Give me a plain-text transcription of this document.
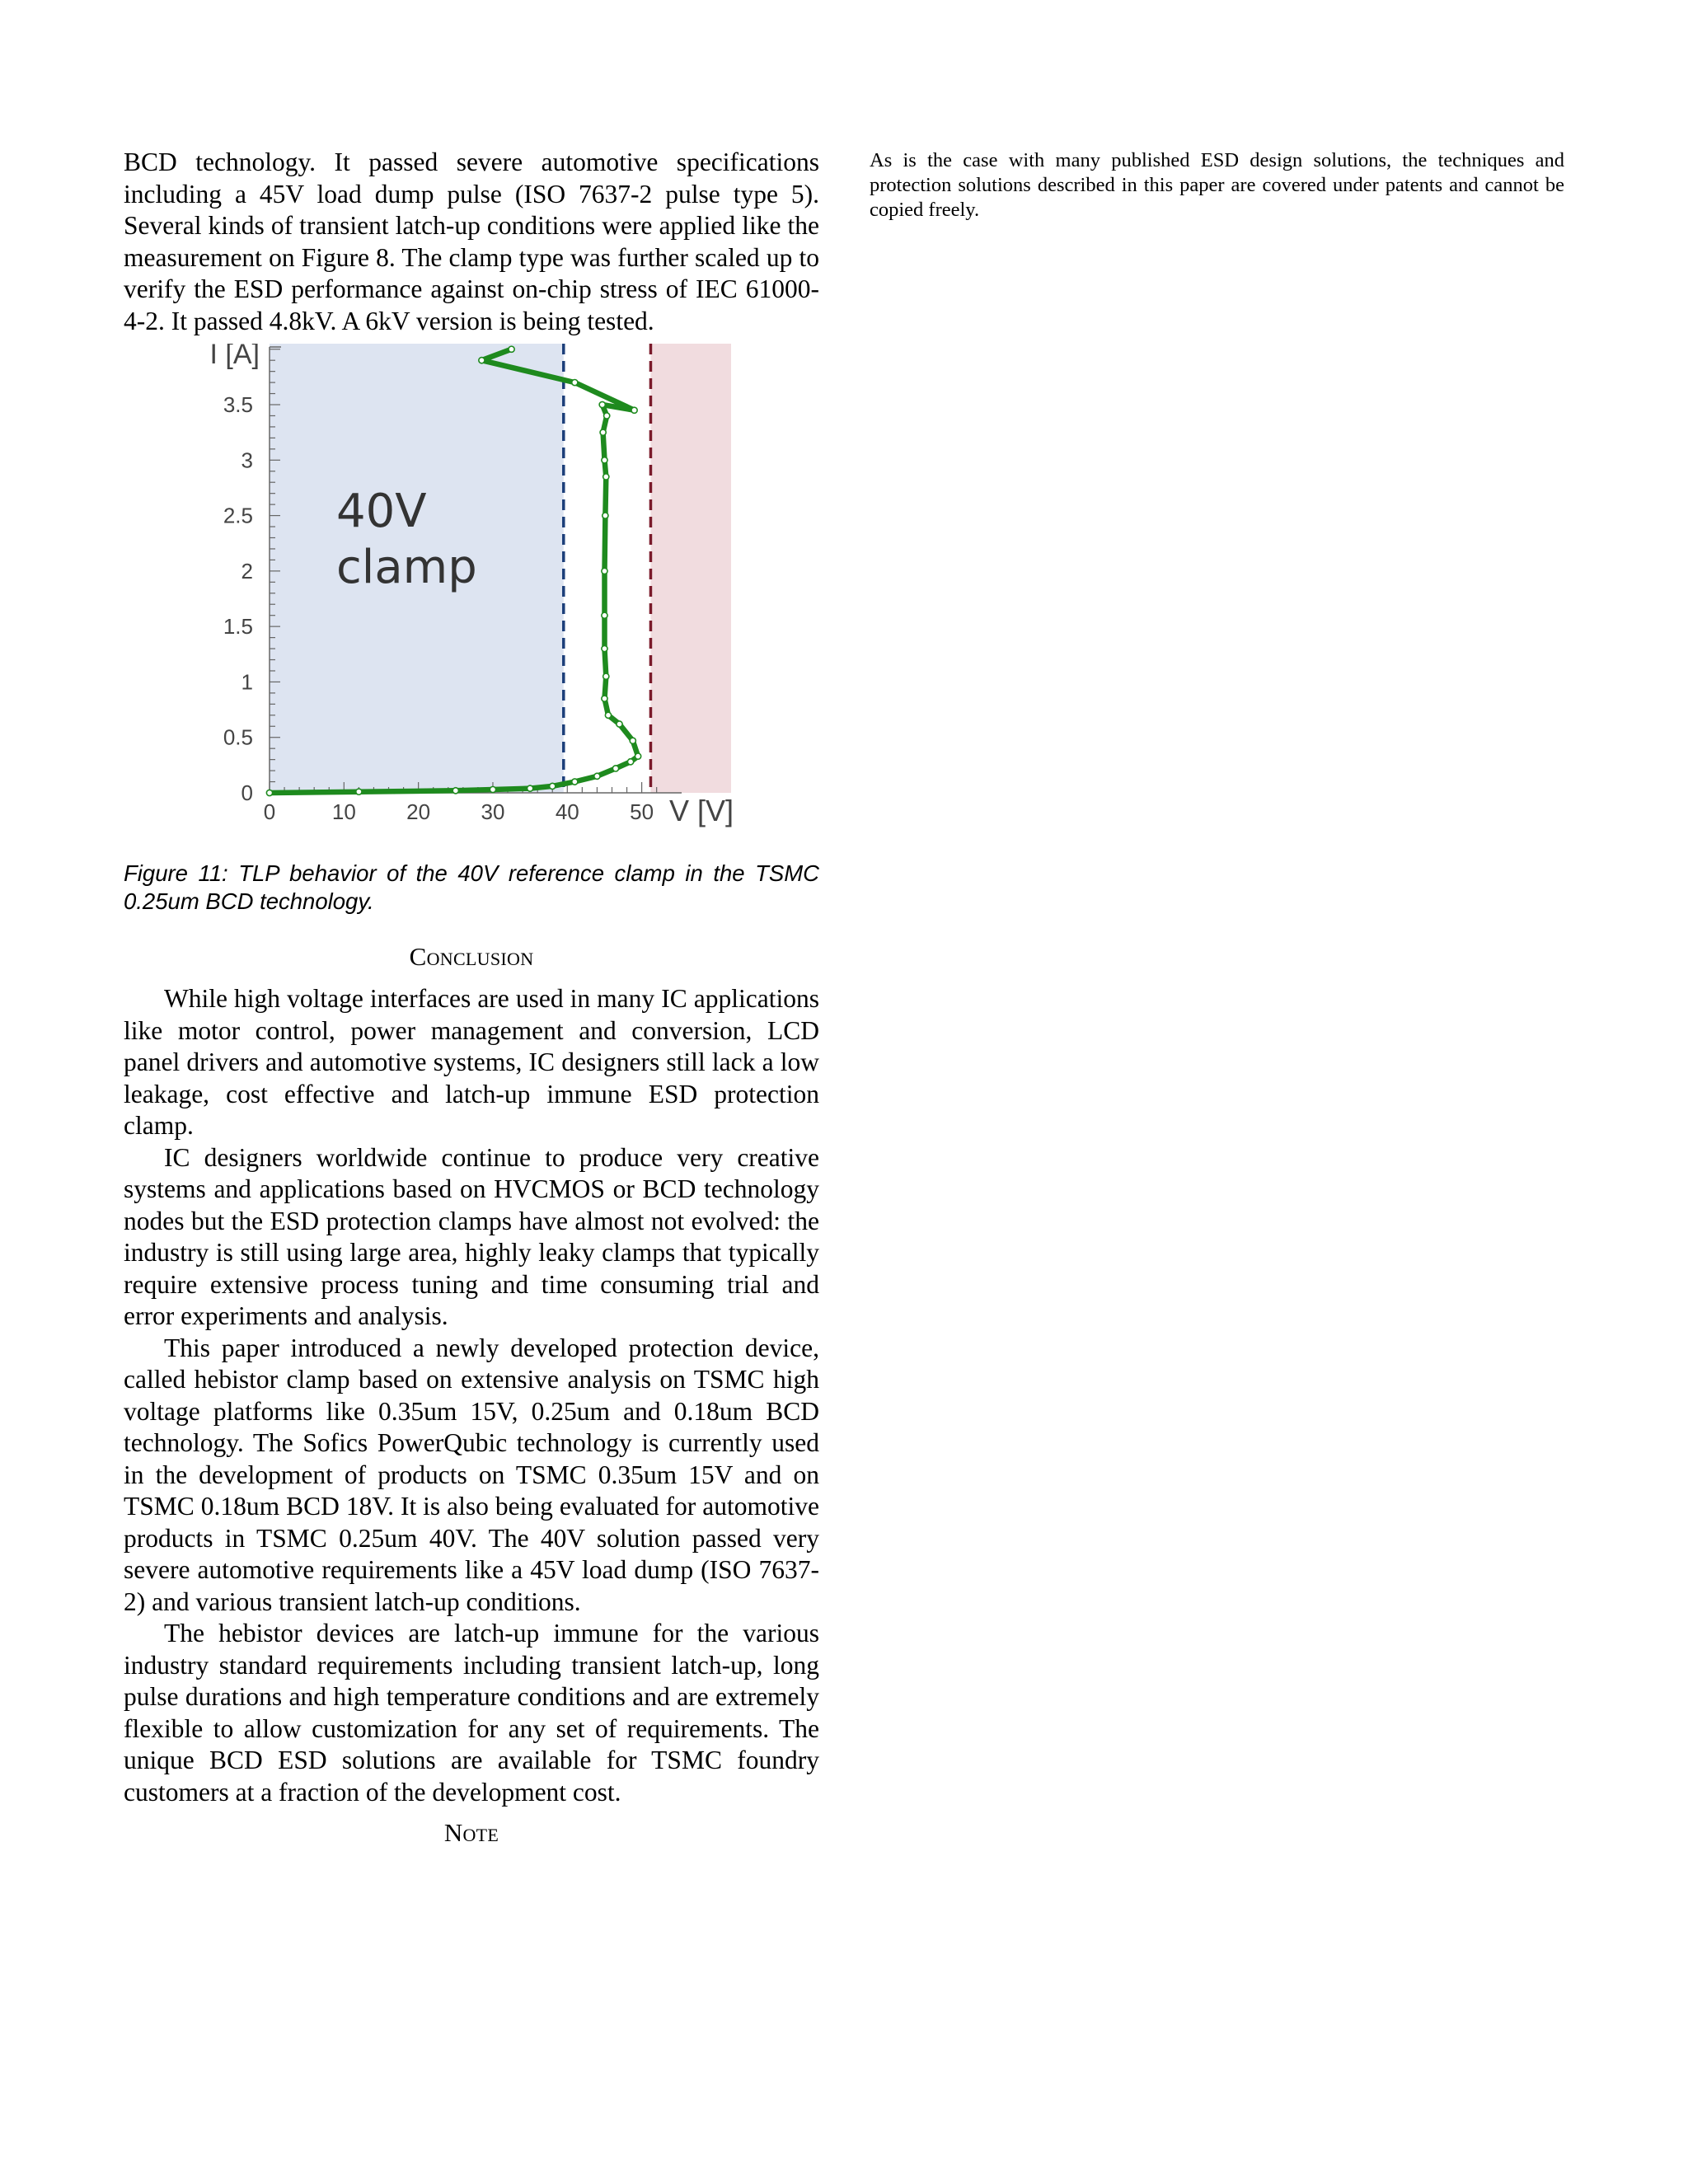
BCD technology. It passed severe automotive specifications including a 45V load dump pulse (ISO 7637-2 pulse type 5). Several kinds of transient latch-up conditions were applied like the measurement on Figure 8. The clamp type was further scaled up to verify the ESD performance against on-chip stress of IEC 61000-4-2. It passed 4.8kV. A 6kV version is being tested.

0
0.5
1
1.5
2
2.5
3
3.5
0	10 20 30 40 50
I [A]
V [V]
40V
clamp

Figure 11: TLP behavior of the 40V reference clamp in the TSMC 0.25um BCD technology.

Conclusion

While high voltage interfaces are used in many IC applications like motor control, power management and conversion, LCD panel drivers and automotive systems, IC designers still lack a low leakage, cost effective and latch-up immune ESD protection clamp.

IC designers worldwide continue to produce very creative systems and applications based on HVCMOS or BCD technology nodes but the ESD protection clamps have almost not evolved: the industry is still using large area, highly leaky clamps that typically require extensive process tuning and time consuming trial and error experiments and analysis.

This paper introduced a newly developed protection device, called hebistor clamp based on extensive analysis on TSMC high voltage platforms like 0.35um 15V, 0.25um and 0.18um BCD technology. The Sofics PowerQubic technology is currently used in the development of products on TSMC 0.35um 15V and on TSMC 0.18um BCD 18V. It is also being evaluated for automotive products in TSMC 0.25um 40V. The 40V solution passed very severe automotive requirements like a 45V load dump (ISO 7637-2) and various transient latch-up conditions.

The hebistor devices are latch-up immune for the various industry standard requirements including transient latch-up, long pulse durations and high temperature conditions and are extremely flexible to allow customization for any set of requirements. The unique BCD ESD solutions are available for TSMC foundry customers at a fraction of the development cost.

Note

As is the case with many published ESD design solutions, the techniques and protection solutions described in this paper are covered under patents and cannot be copied freely.
